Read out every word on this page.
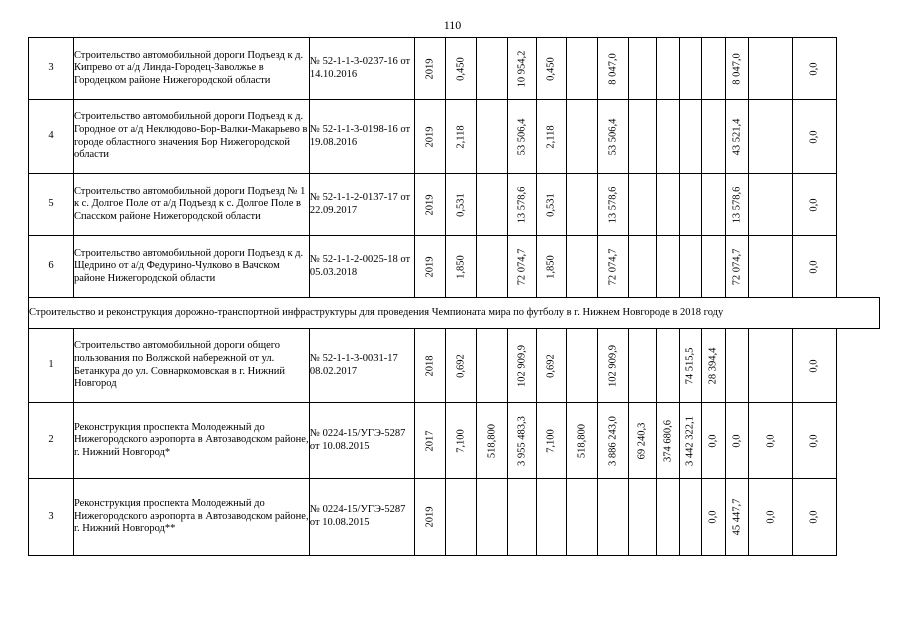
110
3	Строительство автомобильной дороги Подъезд к д. Кипрево от а/д Линда-Городец-Заволжье в Городецком районе Нижегородской области	№ 52-1-1-3-0237-16 от 14.10.2016	2019	0,450		10 954,2	0,450		8 047,0					8 047,0		0,0

4	Строительство автомобильной дороги Подъезд к д. Городное от а/д Неклюдово-Бор-Валки-Макарьево в городе областного значения Бор Нижегородской области	№ 52-1-1-3-0198-16 от 19.08.2016	2019	2,118		53 506,4	2,118		53 506,4					43 521,4		0,0

5	Строительство автомобильной дороги Подъезд № 1 к с. Долгое Поле от а/д Подъезд к с. Долгое Поле в Спасском районе Нижегородской области	№ 52-1-1-2-0137-17 от 22.09.2017	2019	0,531		13 578,6	0,531		13 578,6					13 578,6		0,0

6	Строительство автомобильной дороги Подъезд к д. Щедрино от а/д Федурино-Чулково в Вачском районе Нижегородской области	№ 52-1-1-2-0025-18 от 05.03.2018	2019	1,850		72 074,7	1,850		72 074,7					72 074,7		0,0

Строительство и реконструкция дорожно-транспортной инфраструктуры для проведения Чемпионата мира по футболу в г. Нижнем Новгороде в 2018 году																
1	Строительство автомобильной дороги общего пользования по Волжской набережной от ул. Бетанкура до ул. Совнаркомовская в г. Нижний Новгород	№ 52-1-1-3-0031-17 08.02.2017	2018	0,692		102 909,9	0,692		102 909,9			74 515,5	28 394,4			0,0

2	Реконструкция проспекта Молодежный до Нижегородского аэропорта в Автозаводском районе, г. Нижний Новгород*	№ 0224-15/УГЭ-5287 от 10.08.2015	2017	7,100	518,800	3 955 483,3	7,100	518,800	3 886 243,0	69 240,3	374 680,6	3 442 322,1	0,0	0,0	0,0	0,0

3	Реконструкция проспекта Молодежный до Нижегородского аэропорта в Автозаводском районе, г. Нижний Новгород**	№ 0224-15/УГЭ-5287 от 10.08.2015	2019										0,0	45 447,7	0,0	0,0
